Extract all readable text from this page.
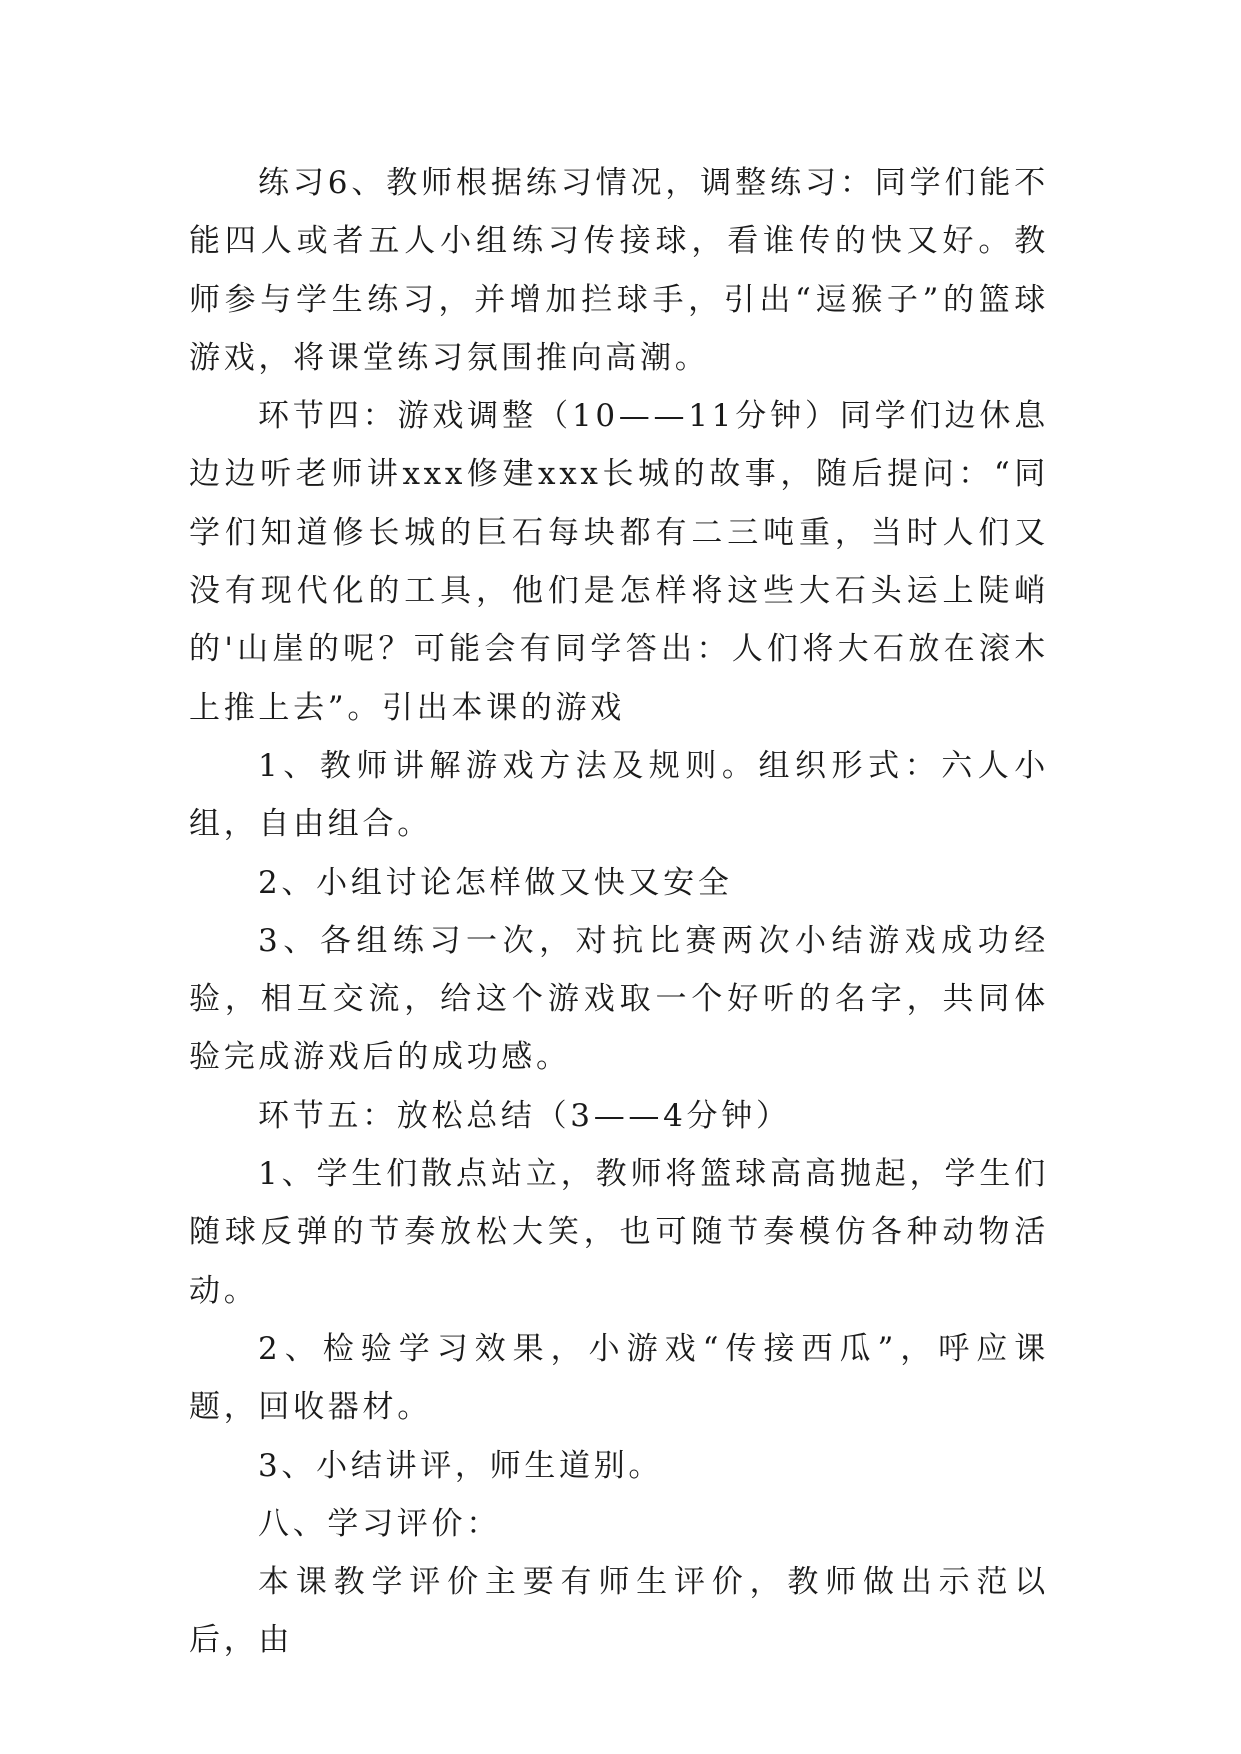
练习6、教师根据练习情况，调整练习：同学们能不能四人或者五人小组练习传接球，看谁传的快又好。教师参与学生练习，并增加拦球手，引出“逗猴子”的篮球游戏，将课堂练习氛围推向高潮。

环节四：游戏调整（10——11分钟）同学们边休息边边听老师讲xxx修建xxx长城的故事，随后提问：“同学们知道修长城的巨石每块都有二三吨重，当时人们又没有现代化的工具，他们是怎样将这些大石头运上陡峭的'山崖的呢？可能会有同学答出：人们将大石放在滚木上推上去”。引出本课的游戏

1、教师讲解游戏方法及规则。组织形式：六人小组，自由组合。

2、小组讨论怎样做又快又安全

3、各组练习一次，对抗比赛两次小结游戏成功经验，相互交流，给这个游戏取一个好听的名字，共同体验完成游戏后的成功感。

环节五：放松总结（3——4分钟）

1、学生们散点站立，教师将篮球高高抛起，学生们随球反弹的节奏放松大笑，也可随节奏模仿各种动物活动。

2、检验学习效果，小游戏“传接西瓜”，呼应课题，回收器材。

3、小结讲评，师生道别。

八、学习评价：

本课教学评价主要有师生评价，教师做出示范以后，由
